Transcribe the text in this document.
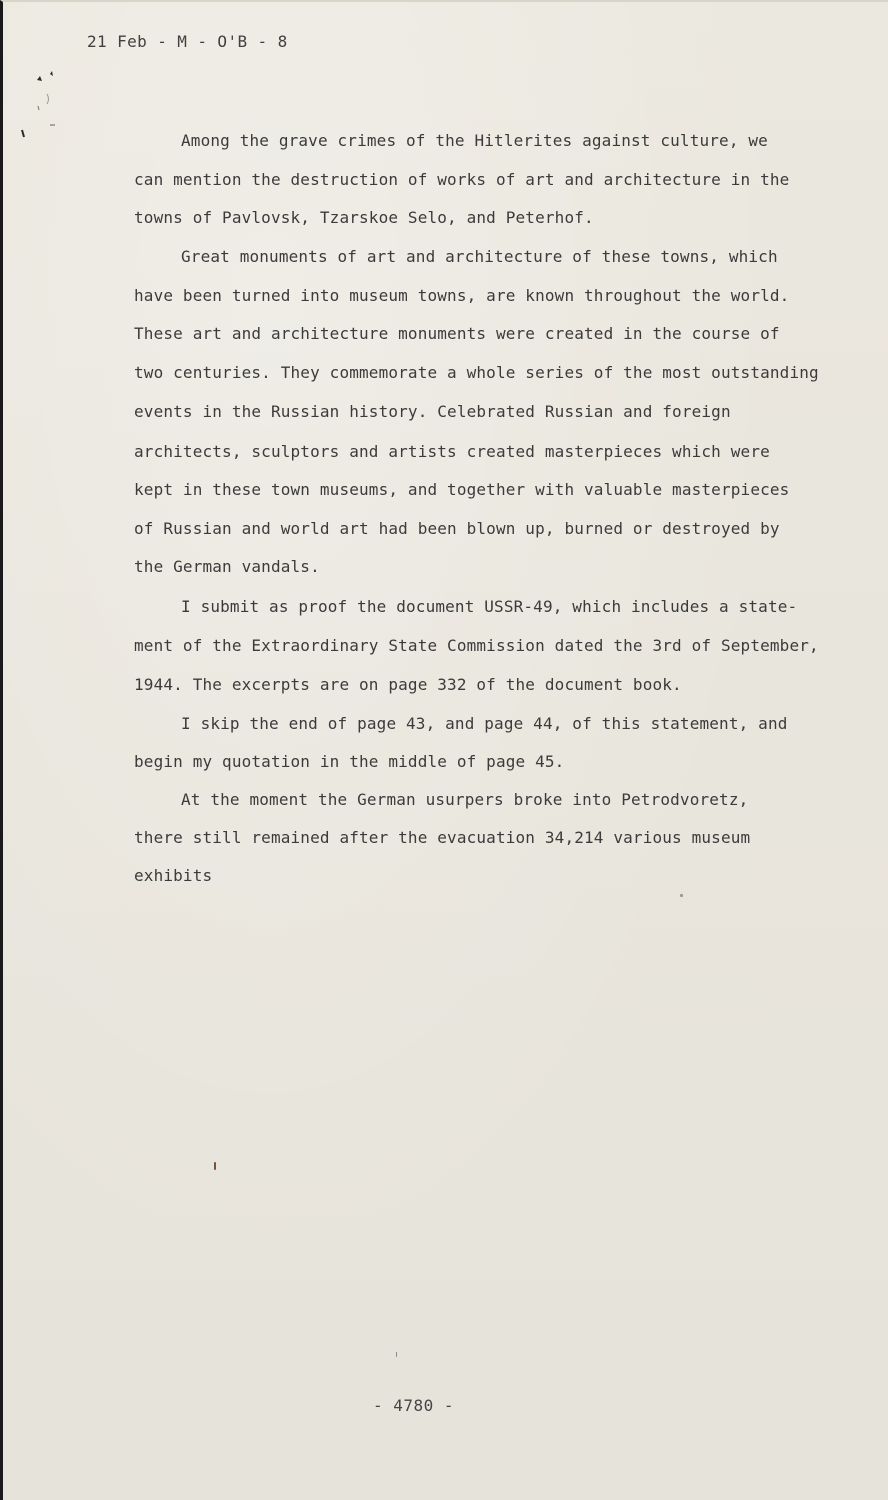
21 Feb - M - O'B - 8
Among the grave crimes of the Hitlerites against culture, we
can mention the destruction of works of art and architecture in the
towns of Pavlovsk, Tzarskoe Selo, and Peterhof.
Great monuments of art and architecture of these towns, which
have been turned into museum towns, are known throughout the world.
These art and architecture monuments were created in the course of
two centuries. They commemorate a whole series of the most outstanding
events in the Russian history. Celebrated Russian and foreign
architects, sculptors and artists created masterpieces which were
kept in these town museums, and together with valuable masterpieces
of Russian and world art had been blown up, burned or destroyed by
the German vandals.
I submit as proof the document USSR-49, which includes a state-
ment of the Extraordinary State Commission dated the 3rd of September,
1944. The excerpts are on page 332 of the document book.
I skip the end of page 43, and page 44, of this statement, and
begin my quotation in the middle of page 45.
At the moment the German usurpers broke into Petrodvoretz,
there still remained after the evacuation 34,214 various museum
exhibits
- 4780 -
